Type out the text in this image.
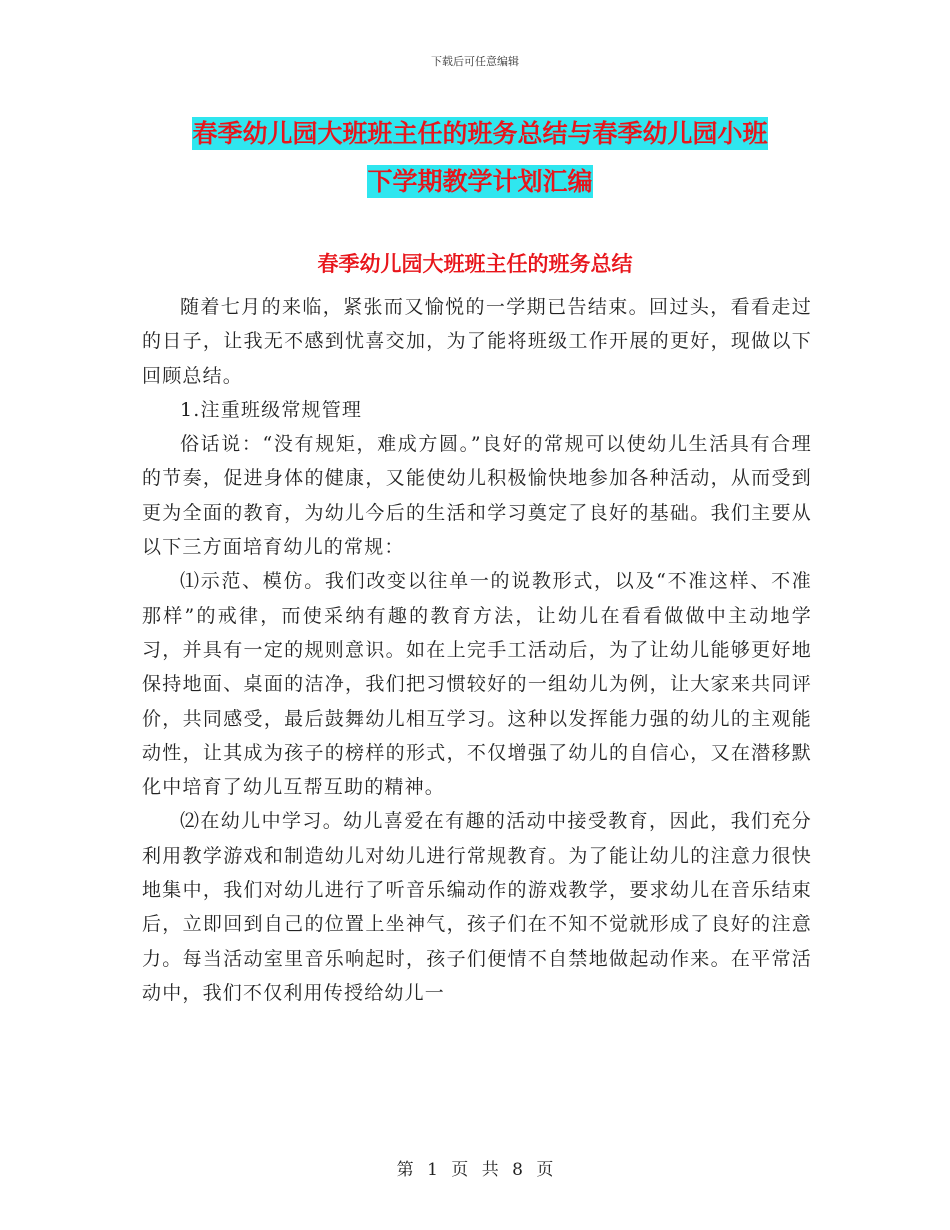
下载后可任意编辑
春季幼儿园大班班主任的班务总结与春季幼儿园小班
下学期教学计划汇编
春季幼儿园大班班主任的班务总结

随着七月的来临，紧张而又愉悦的一学期已告结束。回过头，看看走过的日子，让我无不感到忧喜交加，为了能将班级工作开展的更好，现做以下回顾总结。

1.注重班级常规管理

俗话说：“没有规矩，难成方圆。”良好的常规可以使幼儿生活具有合理的节奏，促进身体的健康，又能使幼儿积极愉快地参加各种活动，从而受到更为全面的教育，为幼儿今后的生活和学习奠定了良好的基础。我们主要从以下三方面培育幼儿的常规：

⑴示范、模仿。我们改变以往单一的说教形式，以及“不准这样、不准那样”的戒律，而使采纳有趣的教育方法，让幼儿在看看做做中主动地学习，并具有一定的规则意识。如在上完手工活动后，为了让幼儿能够更好地保持地面、桌面的洁净，我们把习惯较好的一组幼儿为例，让大家来共同评价，共同感受，最后鼓舞幼儿相互学习。这种以发挥能力强的幼儿的主观能动性，让其成为孩子的榜样的形式，不仅增强了幼儿的自信心，又在潜移默化中培育了幼儿互帮互助的精神。

⑵在幼儿中学习。幼儿喜爱在有趣的活动中接受教育，因此，我们充分利用教学游戏和制造幼儿对幼儿进行常规教育。为了能让幼儿的注意力很快地集中，我们对幼儿进行了听音乐编动作的游戏教学，要求幼儿在音乐结束后，立即回到自己的位置上坐神气，孩子们在不知不觉就形成了良好的注意力。每当活动室里音乐响起时，孩子们便情不自禁地做起动作来。在平常活动中，我们不仅利用传授给幼儿一

第 1 页 共 8 页
